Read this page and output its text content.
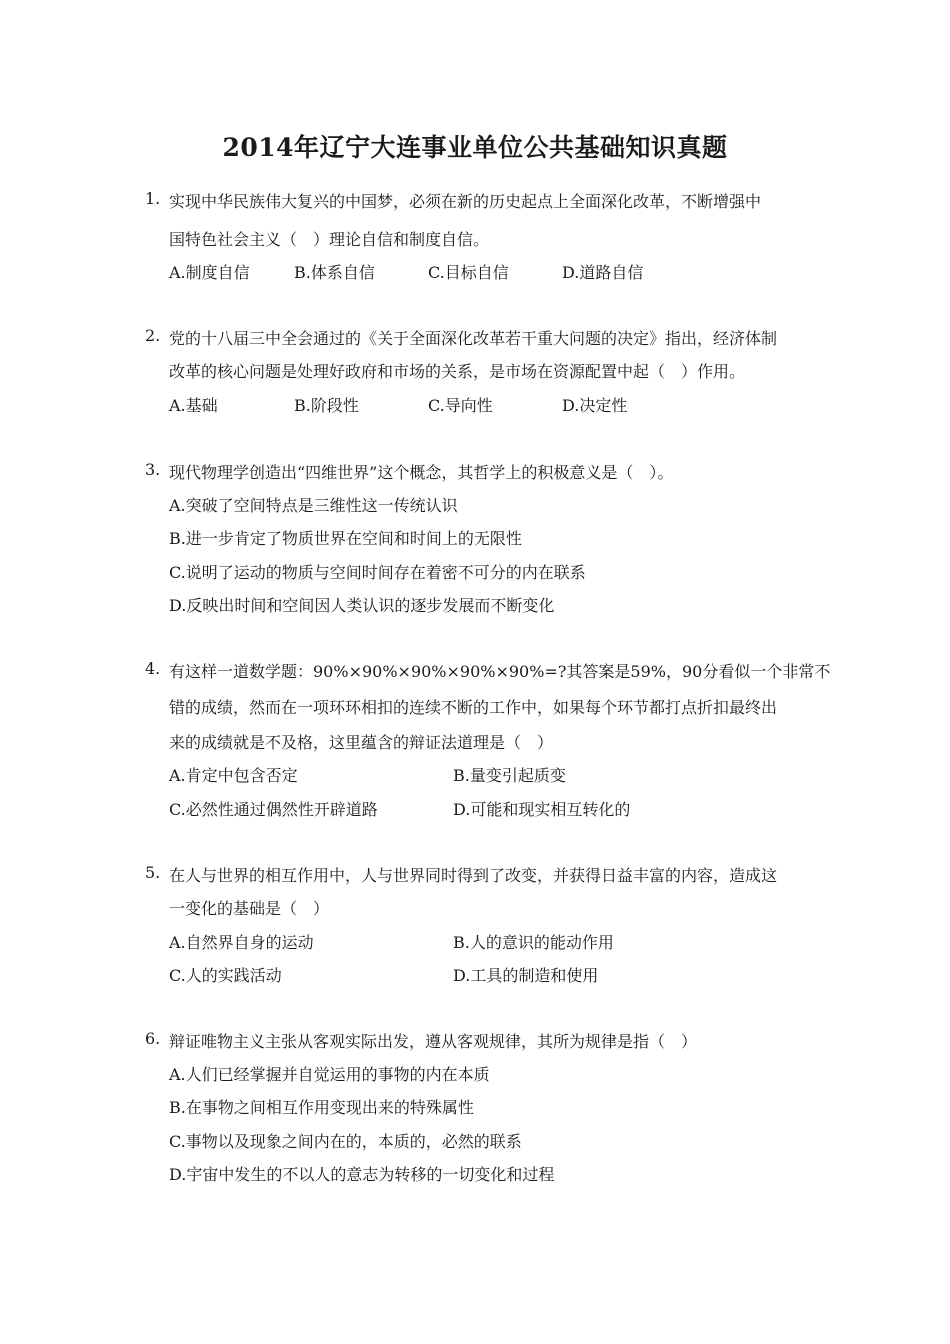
2014年辽宁大连事业单位公共基础知识真题
1. 实现中华民族伟大复兴的中国梦，必须在新的历史起点上全面深化改革，不断增强中
国特色社会主义（　）理论自信和制度自信。
A.制度自信	B.体系自信	C.目标自信	D.道路自信
2. 党的十八届三中全会通过的《关于全面深化改革若干重大问题的决定》指出，经济体制
改革的核心问题是处理好政府和市场的关系，是市场在资源配置中起（　）作用。
A.基础	B.阶段性	C.导向性	D.决定性
3. 现代物理学创造出“四维世界”这个概念，其哲学上的积极意义是（　）。
A.突破了空间特点是三维性这一传统认识
B.进一步肯定了物质世界在空间和时间上的无限性
C.说明了运动的物质与空间时间存在着密不可分的内在联系
D.反映出时间和空间因人类认识的逐步发展而不断变化
4. 有这样一道数学题：90%×90%×90%×90%×90%=?其答案是59%，90分看似一个非常不
错的成绩，然而在一项环环相扣的连续不断的工作中，如果每个环节都打点折扣最终出
来的成绩就是不及格，这里蕴含的辩证法道理是（　）
A.肯定中包含否定	B.量变引起质变
C.必然性通过偶然性开辟道路	D.可能和现实相互转化的
5. 在人与世界的相互作用中，人与世界同时得到了改变，并获得日益丰富的内容，造成这
一变化的基础是（　）
A.自然界自身的运动	B.人的意识的能动作用
C.人的实践活动	D.工具的制造和使用
6. 辩证唯物主义主张从客观实际出发，遵从客观规律，其所为规律是指（　）
A.人们已经掌握并自觉运用的事物的内在本质
B.在事物之间相互作用变现出来的特殊属性
C.事物以及现象之间内在的，本质的，必然的联系
D.宇宙中发生的不以人的意志为转移的一切变化和过程
